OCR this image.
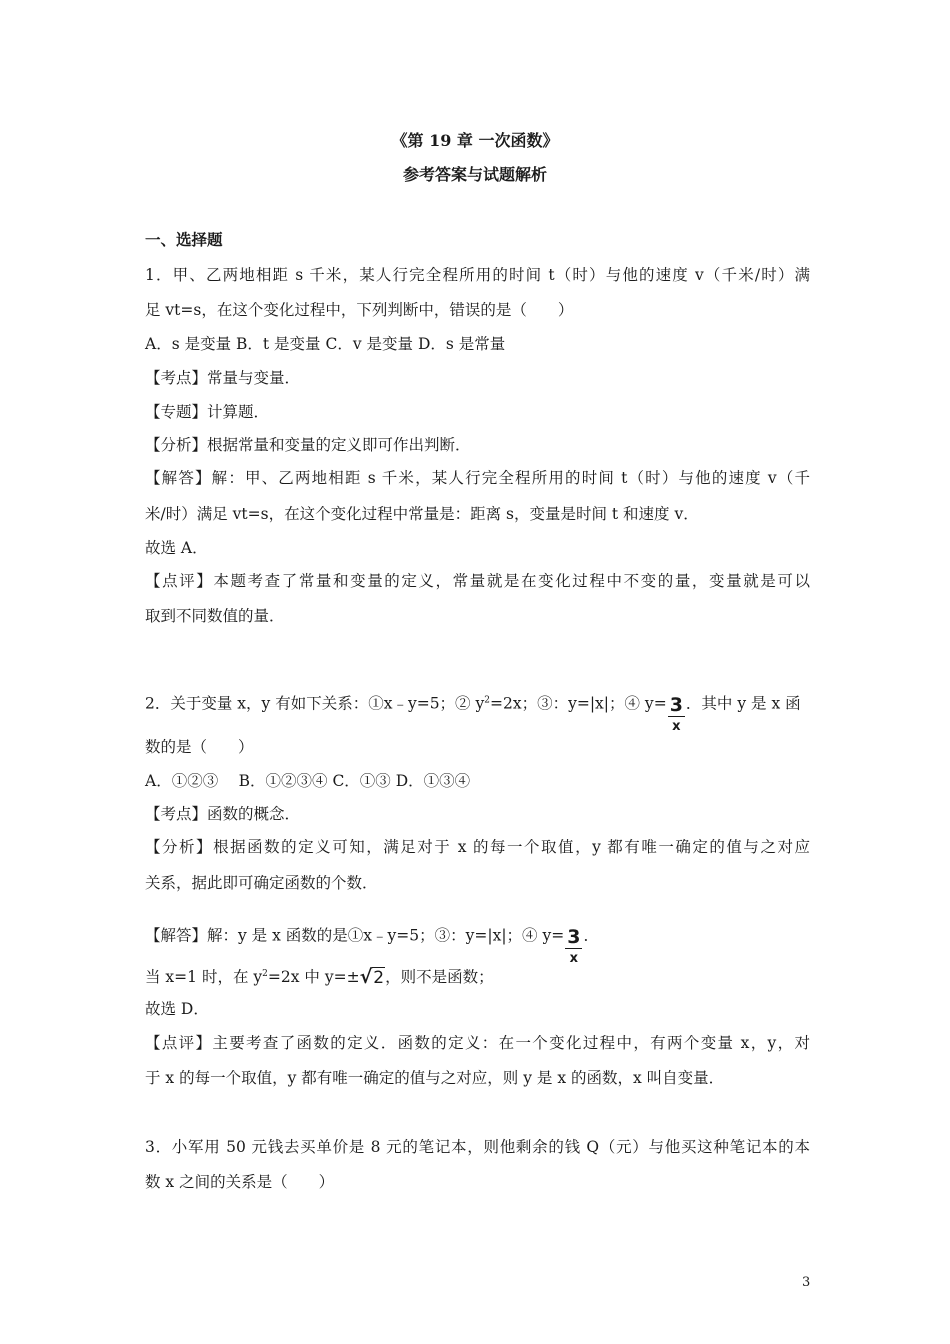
《第 19 章 一次函数》
参考答案与试题解析
一、选择题
1．甲、乙两地相距 s 千米，某人行完全程所用的时间 t（时）与他的速度 v（千米/时）满
足 vt=s，在这个变化过程中，下列判断中，错误的是（　　）
A．s 是变量 B．t 是变量 C．v 是变量 D．s 是常量
【考点】常量与变量．
【专题】计算题．
【分析】根据常量和变量的定义即可作出判断．
【解答】解：甲、乙两地相距 s 千米，某人行完全程所用的时间 t（时）与他的速度 v（千
米/时）满足 vt=s，在这个变化过程中常量是：距离 s，变量是时间 t 和速度 v．
故选 A．
【点评】本题考查了常量和变量的定义，常量就是在变化过程中不变的量，变量就是可以
取到不同数值的量．
2．关于变量 x，y 有如下关系：①x﹣y=5；② $y^2=2x$；③：y=|x|；④ $y= \frac{3}{x}$ ．其中 y 是 x 函
数的是（　　）
A．①②③　 B．①②③④ C．①③ D．①③④
【考点】函数的概念．
【分析】根据函数的定义可知，满足对于 x 的每一个取值，y 都有唯一确定的值与之对应
关系，据此即可确定函数的个数．
【解答】解：y 是 x 函数的是①x﹣y=5；③：y=|x|；④ $y= \frac{3}{x}$ ．
当 x=1 时，在 $y^2=2x$ 中 y=±√2，则不是函数；
故选 D．
【点评】主要考查了函数的定义．函数的定义：在一个变化过程中，有两个变量 x，y，对
于 x 的每一个取值，y 都有唯一确定的值与之对应，则 y 是 x 的函数，x 叫自变量．
3．小军用 50 元钱去买单价是 8 元的笔记本，则他剩余的钱 Q（元）与他买这种笔记本的本
数 x 之间的关系是（　　）
3
